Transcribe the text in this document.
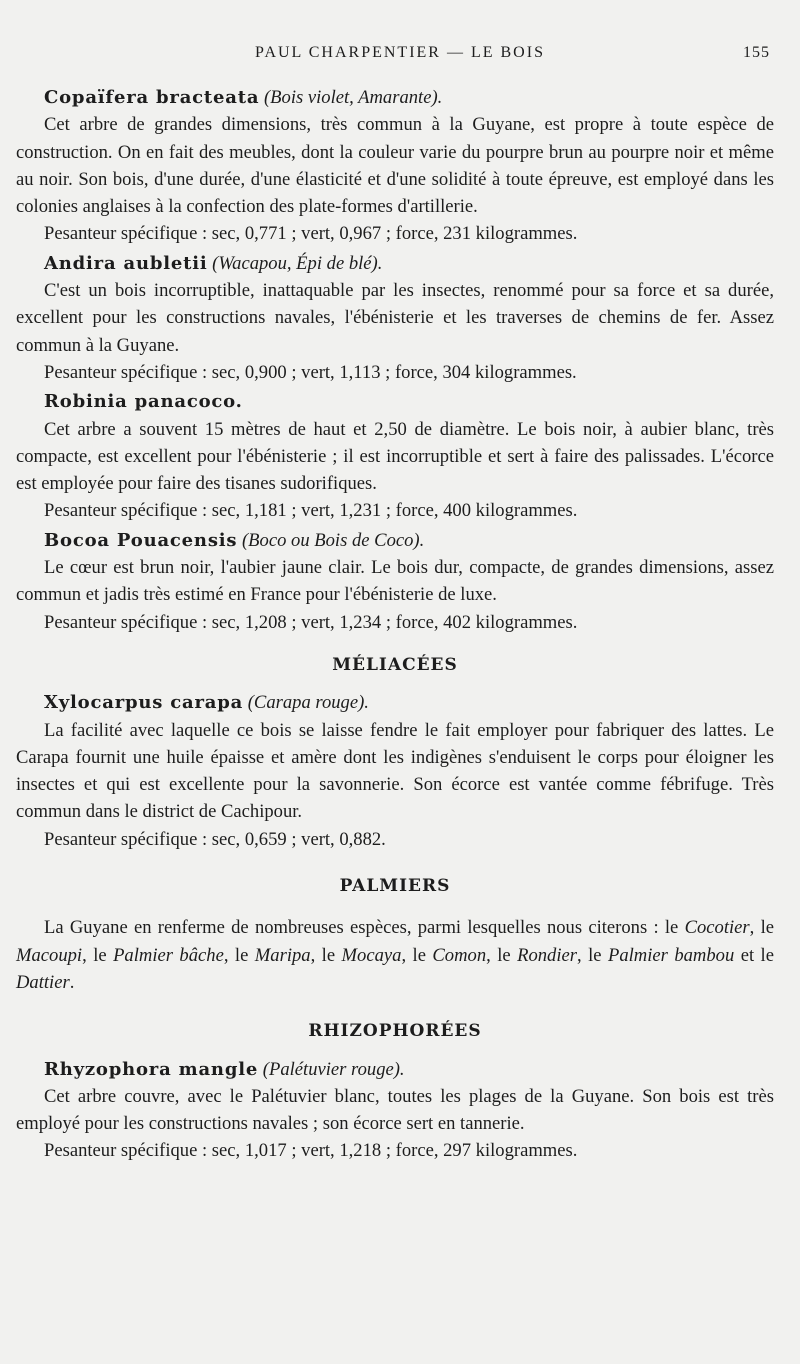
PAUL CHARPENTIER — LE BOIS	155

Copaïfera bracteata (Bois violet, Amarante).

Cet arbre de grandes dimensions, très commun à la Guyane, est propre à toute espèce de construction. On en fait des meubles, dont la couleur varie du pourpre brun au pourpre noir et même au noir. Son bois, d'une durée, d'une élasticité et d'une solidité à toute épreuve, est employé dans les colonies anglaises à la confection des plate-formes d'artillerie.

Pesanteur spécifique : sec, 0,771 ; vert, 0,967 ; force, 231 kilogrammes.

Andira aubletii (Wacapou, Épi de blé).

C'est un bois incorruptible, inattaquable par les insectes, renommé pour sa force et sa durée, excellent pour les constructions navales, l'ébénisterie et les traverses de chemins de fer. Assez commun à la Guyane.

Pesanteur spécifique : sec, 0,900 ; vert, 1,113 ; force, 304 kilogrammes.

Robinia panacoco.

Cet arbre a souvent 15 mètres de haut et 2,50 de diamètre. Le bois noir, à aubier blanc, très compacte, est excellent pour l'ébénisterie ; il est incorruptible et sert à faire des palissades. L'écorce est employée pour faire des tisanes sudorifiques.

Pesanteur spécifique : sec, 1,181 ; vert, 1,231 ; force, 400 kilogrammes.

Bocoa Pouacensis (Boco ou Bois de Coco).

Le cœur est brun noir, l'aubier jaune clair. Le bois dur, compacte, de grandes dimensions, assez commun et jadis très estimé en France pour l'ébénisterie de luxe.

Pesanteur spécifique : sec, 1,208 ; vert, 1,234 ; force, 402 kilogrammes.

MÉLIACÉES

Xylocarpus carapa (Carapa rouge).

La facilité avec laquelle ce bois se laisse fendre le fait employer pour fabriquer des lattes. Le Carapa fournit une huile épaisse et amère dont les indigènes s'enduisent le corps pour éloigner les insectes et qui est excellente pour la savonnerie. Son écorce est vantée comme fébrifuge. Très commun dans le district de Cachipour.

Pesanteur spécifique : sec, 0,659 ; vert, 0,882.

PALMIERS

La Guyane en renferme de nombreuses espèces, parmi lesquelles nous citerons : le Cocotier, le Macoupi, le Palmier bâche, le Maripa, le Mocaya, le Comon, le Rondier, le Palmier bambou et le Dattier.

RHIZOPHORÉES

Rhyzophora mangle (Palétuvier rouge).

Cet arbre couvre, avec le Palétuvier blanc, toutes les plages de la Guyane. Son bois est très employé pour les constructions navales ; son écorce sert en tannerie.

Pesanteur spécifique : sec, 1,017 ; vert, 1,218 ; force, 297 kilogrammes.
